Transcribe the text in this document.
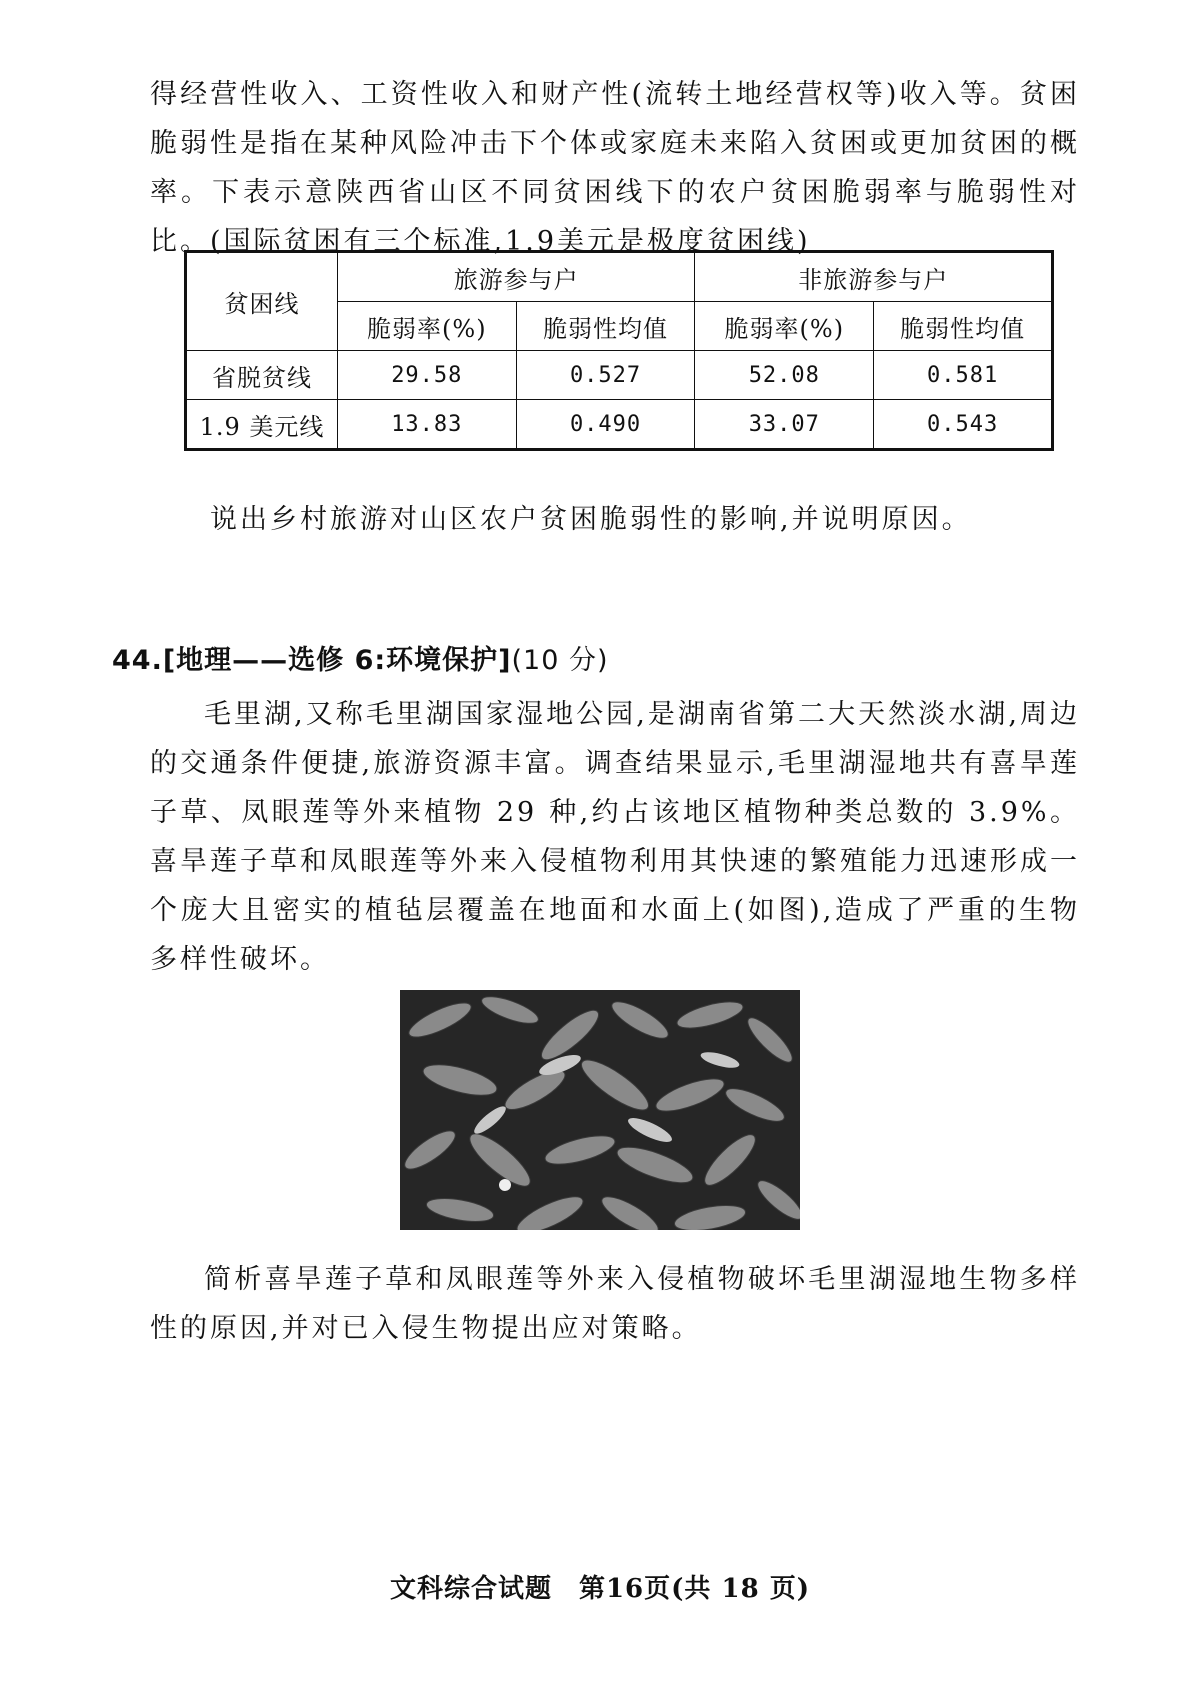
得经营性收入、工资性收入和财产性(流转土地经营权等)收入等。贫困脆弱性是指在某种风险冲击下个体或家庭未来陷入贫困或更加贫困的概率。下表示意陕西省山区不同贫困线下的农户贫困脆弱率与脆弱性对比。(国际贫困有三个标准,1.9美元是极度贫困线)

贫困线	旅游参与户		非旅游参与户	
	脆弱率(%)	脆弱性均值	脆弱率(%)	脆弱性均值
省脱贫线	29.58	0.527	52.08	0.581
1.9 美元线	13.83	0.490	33.07	0.543

说出乡村旅游对山区农户贫困脆弱性的影响,并说明原因。

44.[地理——选修 6:环境保护](10 分)

毛里湖,又称毛里湖国家湿地公园,是湖南省第二大天然淡水湖,周边的交通条件便捷,旅游资源丰富。调查结果显示,毛里湖湿地共有喜旱莲子草、凤眼莲等外来植物 29 种,约占该地区植物种类总数的 3.9%。喜旱莲子草和凤眼莲等外来入侵植物利用其快速的繁殖能力迅速形成一个庞大且密实的植毡层覆盖在地面和水面上(如图),造成了严重的生物多样性破坏。

简析喜旱莲子草和凤眼莲等外来入侵植物破坏毛里湖湿地生物多样性的原因,并对已入侵生物提出应对策略。

文科综合试题　第16页(共 18 页)
